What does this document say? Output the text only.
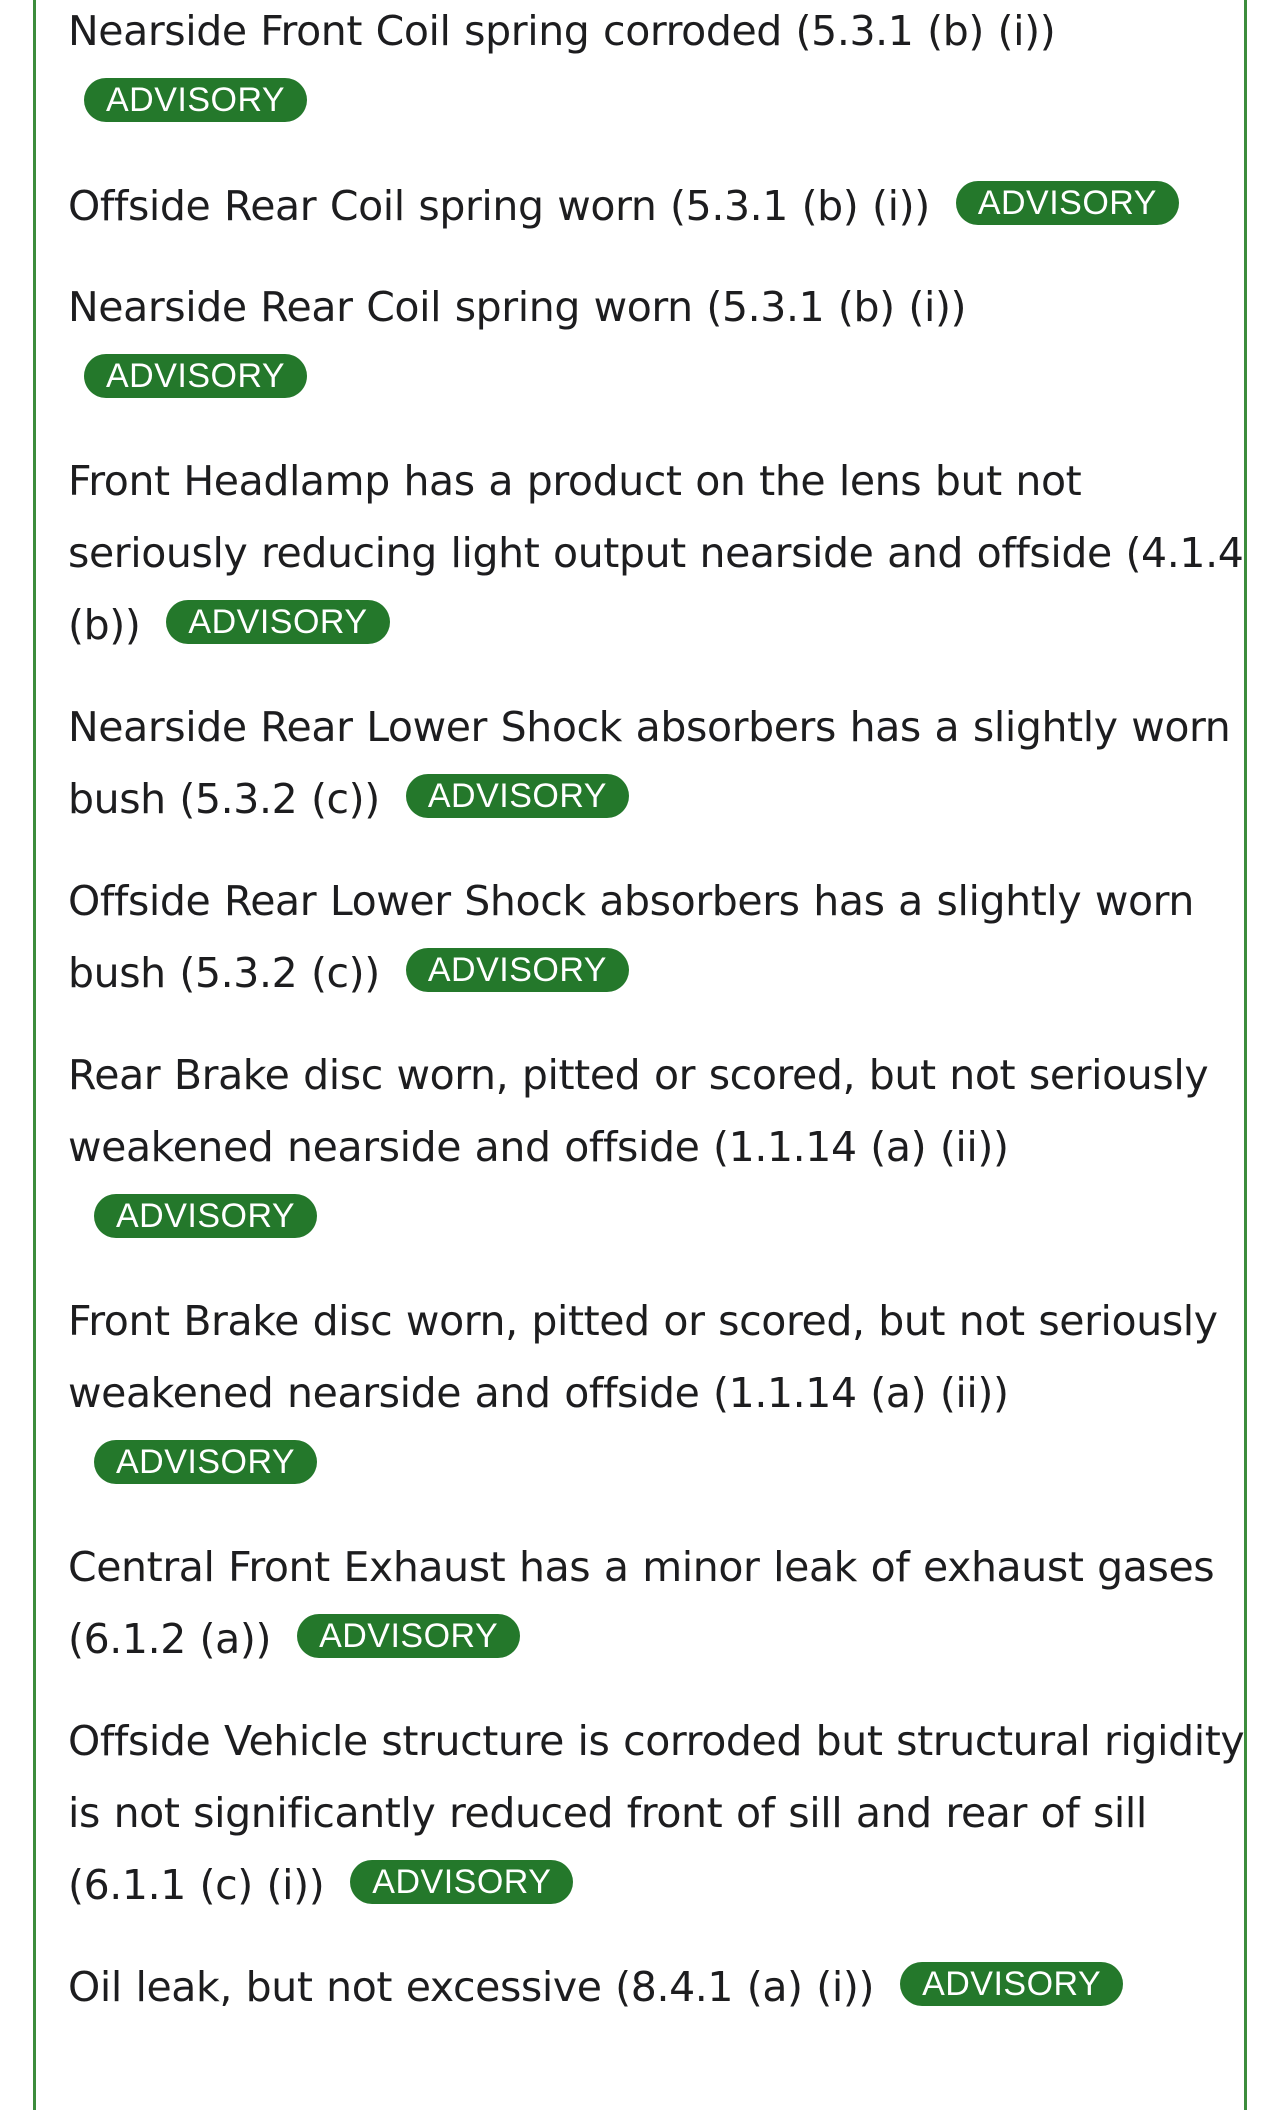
Nearside Front Coil spring corroded (5.3.1 (b) (i))
ADVISORY
Offside Rear Coil spring worn (5.3.1 (b) (i)) ADVISORY
Nearside Rear Coil spring worn (5.3.1 (b) (i))
ADVISORY
Front Headlamp has a product on the lens but not seriously reducing light output nearside and offside (4.1.4 (b)) ADVISORY
Nearside Rear Lower Shock absorbers has a slightly worn bush (5.3.2 (c)) ADVISORY
Offside Rear Lower Shock absorbers has a slightly worn bush (5.3.2 (c)) ADVISORY
Rear Brake disc worn, pitted or scored, but not seriously weakened nearside and offside (1.1.14 (a) (ii))ADVISORY
Front Brake disc worn, pitted or scored, but not seriously weakened nearside and offside (1.1.14 (a) (ii))ADVISORY
Central Front Exhaust has a minor leak of exhaust gases (6.1.2 (a)) ADVISORY
Offside Vehicle structure is corroded but structural rigidity is not significantly reduced front of sill and rear of sill (6.1.1 (c) (i)) ADVISORY
Oil leak, but not excessive (8.4.1 (a) (i)) ADVISORY
